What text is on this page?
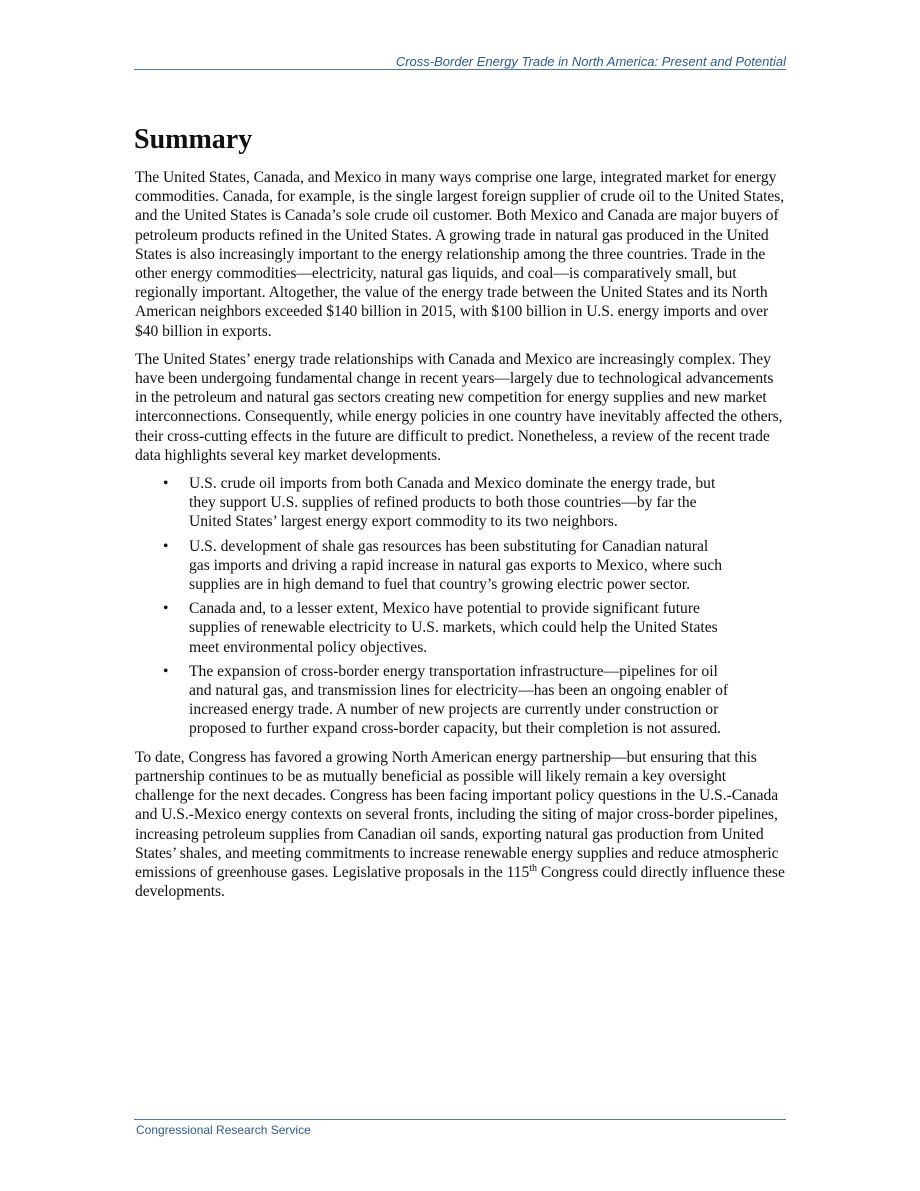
Cross-Border Energy Trade in North America: Present and Potential
Summary

The United States, Canada, and Mexico in many ways comprise one large, integrated market for energy commodities. Canada, for example, is the single largest foreign supplier of crude oil to the United States, and the United States is Canada’s sole crude oil customer. Both Mexico and Canada are major buyers of petroleum products refined in the United States. A growing trade in natural gas produced in the United States is also increasingly important to the energy relationship among the three countries. Trade in the other energy commodities—electricity, natural gas liquids, and coal—is comparatively small, but regionally important. Altogether, the value of the energy trade between the United States and its North American neighbors exceeded $140 billion in 2015, with $100 billion in U.S. energy imports and over $40 billion in exports.

The United States’ energy trade relationships with Canada and Mexico are increasingly complex. They have been undergoing fundamental change in recent years—largely due to technological advancements in the petroleum and natural gas sectors creating new competition for energy supplies and new market interconnections. Consequently, while energy policies in one country have inevitably affected the others, their cross-cutting effects in the future are difficult to predict. Nonetheless, a review of the recent trade data highlights several key market developments.

• U.S. crude oil imports from both Canada and Mexico dominate the energy trade, but they support U.S. supplies of refined products to both those countries—by far the United States’ largest energy export commodity to its two neighbors.
• U.S. development of shale gas resources has been substituting for Canadian natural gas imports and driving a rapid increase in natural gas exports to Mexico, where such supplies are in high demand to fuel that country’s growing electric power sector.
• Canada and, to a lesser extent, Mexico have potential to provide significant future supplies of renewable electricity to U.S. markets, which could help the United States meet environmental policy objectives.
• The expansion of cross-border energy transportation infrastructure—pipelines for oil and natural gas, and transmission lines for electricity—has been an ongoing enabler of increased energy trade. A number of new projects are currently under construction or proposed to further expand cross-border capacity, but their completion is not assured.

To date, Congress has favored a growing North American energy partnership—but ensuring that this partnership continues to be as mutually beneficial as possible will likely remain a key oversight challenge for the next decades. Congress has been facing important policy questions in the U.S.-Canada and U.S.-Mexico energy contexts on several fronts, including the siting of major cross-border pipelines, increasing petroleum supplies from Canadian oil sands, exporting natural gas production from United States’ shales, and meeting commitments to increase renewable energy supplies and reduce atmospheric emissions of greenhouse gases. Legislative proposals in the 115th Congress could directly influence these developments.

Congressional Research Service
